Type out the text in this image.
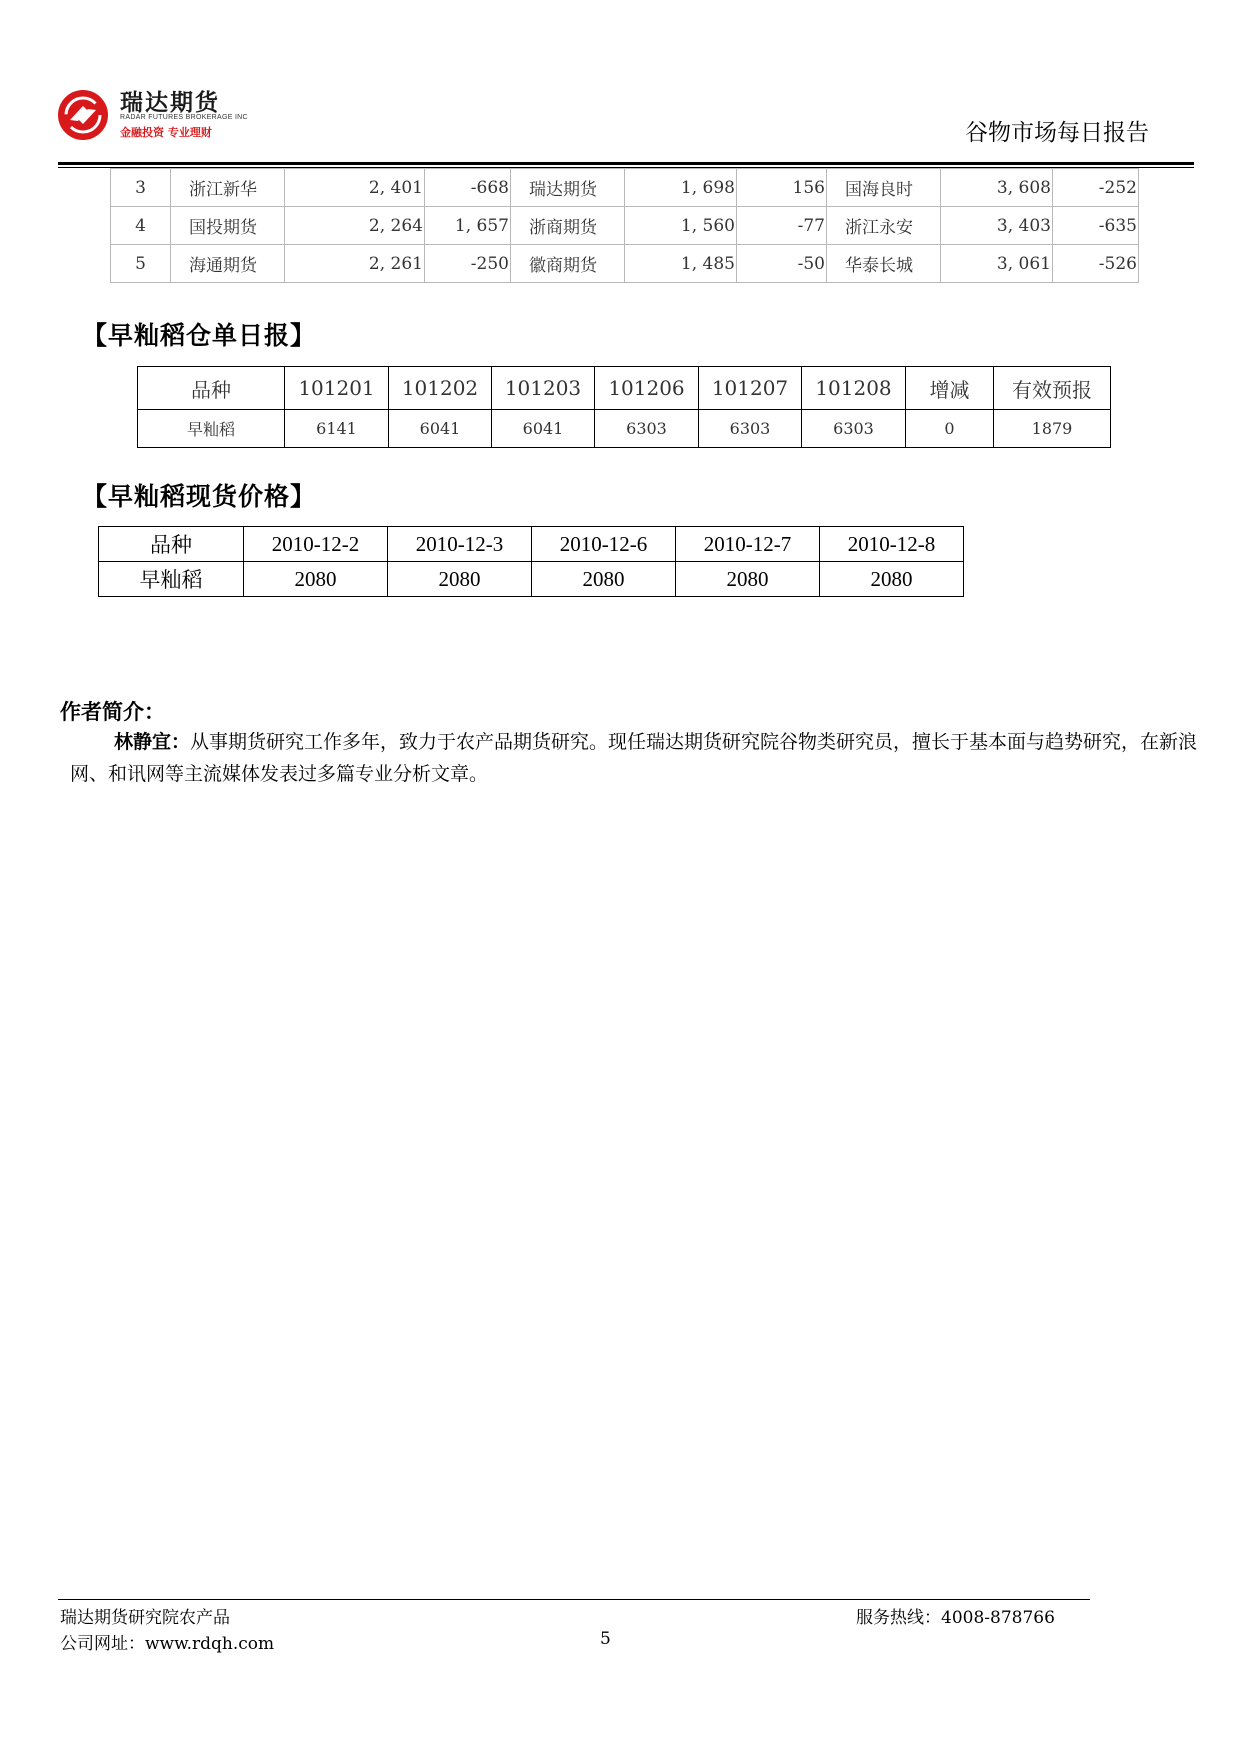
瑞达期货
RADAR FUTURES BROKERAGE INC
金融投资 专业理财	谷物市场每日报告
3	浙江新华	2, 401	-668	瑞达期货	1, 698	156	国海良时	3, 608	-252
4	国投期货	2, 264	1, 657	浙商期货	1, 560	-77	浙江永安	3, 403	-635
5	海通期货	2, 261	-250	徽商期货	1, 485	-50	华泰长城	3, 061	-526
【早籼稻仓单日报】
品种	101201	101202	101203	101206	101207	101208	增减	有效预报
早籼稻	6141	6041	6041	6303	6303	6303	0	1879
【早籼稻现货价格】
品种	2010-12-2	2010-12-3	2010-12-6	2010-12-7	2010-12-8
早籼稻	2080	2080	2080	2080	2080
作者简介：
林静宜：从事期货研究工作多年，致力于农产品期货研究。现任瑞达期货研究院谷物类研究员，擅长于基本面与趋势研究，在新浪网、和讯网等主流媒体发表过多篇专业分析文章。
瑞达期货研究院农产品
公司网址：www.rdqh.com	5
服务热线：4008-878766
